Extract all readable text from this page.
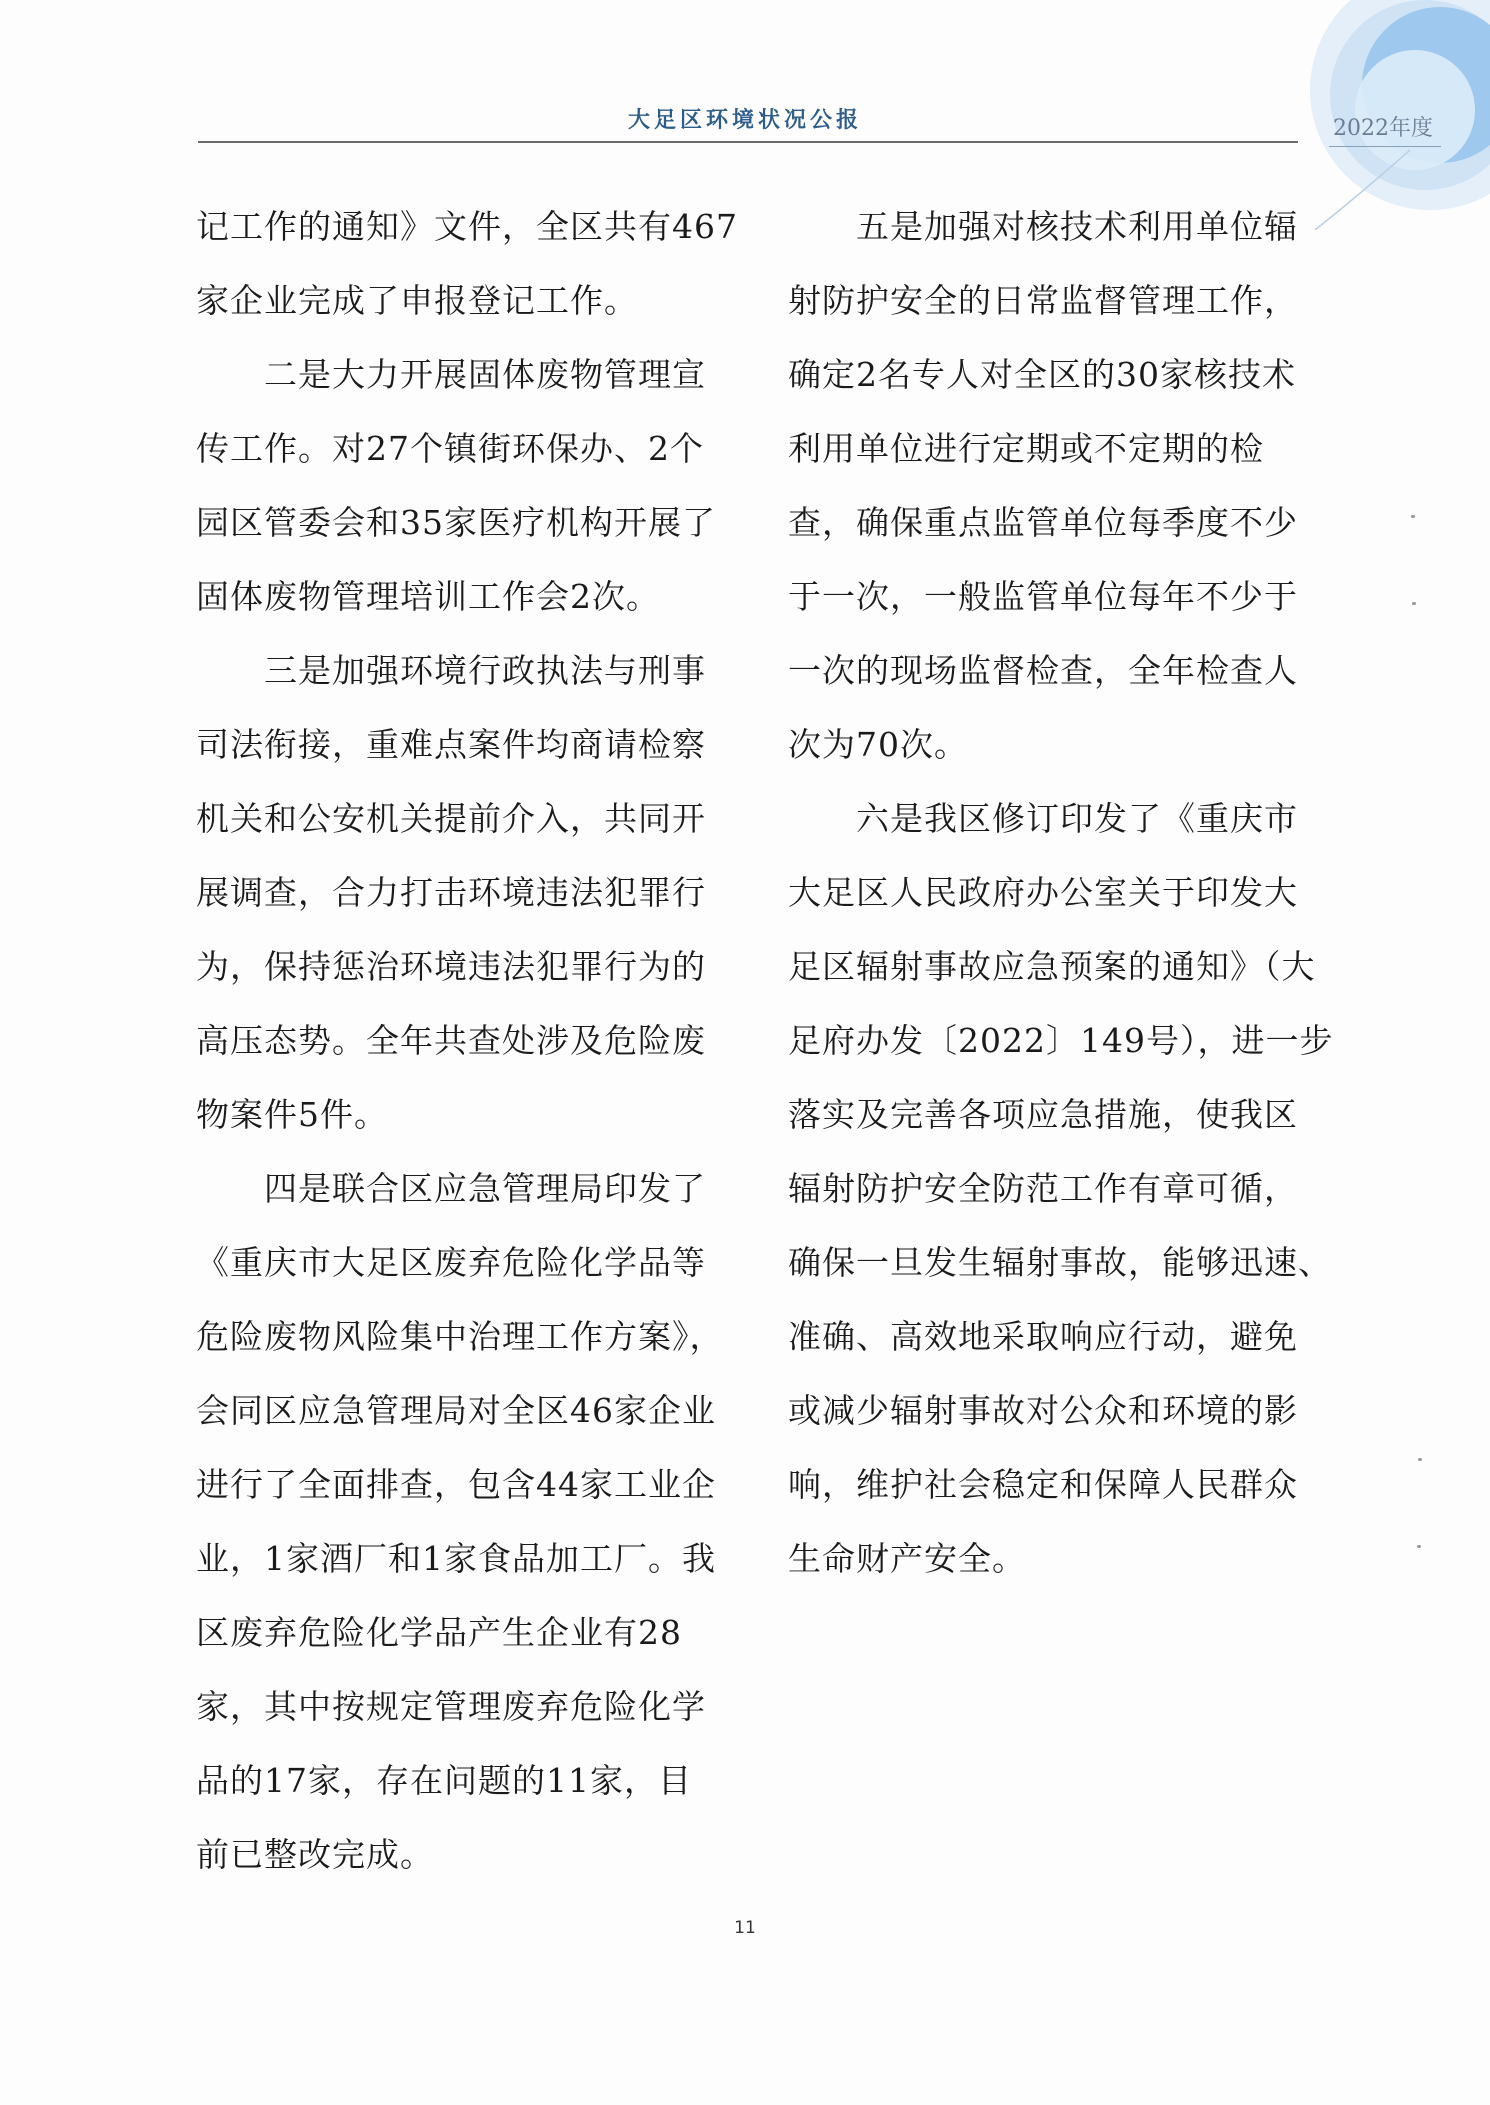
大足区环境状况公报	2022年度
记工作的通知》文件，全区共有467
家企业完成了申报登记工作。
二是大力开展固体废物管理宣
传工作。对27个镇街环保办、2个
园区管委会和35家医疗机构开展了
固体废物管理培训工作会2次。
三是加强环境行政执法与刑事
司法衔接，重难点案件均商请检察
机关和公安机关提前介入，共同开
展调查，合力打击环境违法犯罪行
为，保持惩治环境违法犯罪行为的
高压态势。全年共查处涉及危险废
物案件5件。
四是联合区应急管理局印发了
《重庆市大足区废弃危险化学品等
危险废物风险集中治理工作方案》，
会同区应急管理局对全区46家企业
进行了全面排查，包含44家工业企
业，1家酒厂和1家食品加工厂。我
区废弃危险化学品产生企业有28
家，其中按规定管理废弃危险化学
品的17家，存在问题的11家，目
前已整改完成。
五是加强对核技术利用单位辐
射防护安全的日常监督管理工作，
确定2名专人对全区的30家核技术
利用单位进行定期或不定期的检
查，确保重点监管单位每季度不少
于一次，一般监管单位每年不少于
一次的现场监督检查，全年检查人
次为70次。
六是我区修订印发了《重庆市
大足区人民政府办公室关于印发大
足区辐射事故应急预案的通知》（大
足府办发〔2022〕149号），进一步
落实及完善各项应急措施，使我区
辐射防护安全防范工作有章可循，
确保一旦发生辐射事故，能够迅速、
准确、高效地采取响应行动，避免
或减少辐射事故对公众和环境的影
响，维护社会稳定和保障人民群众
生命财产安全。
11
